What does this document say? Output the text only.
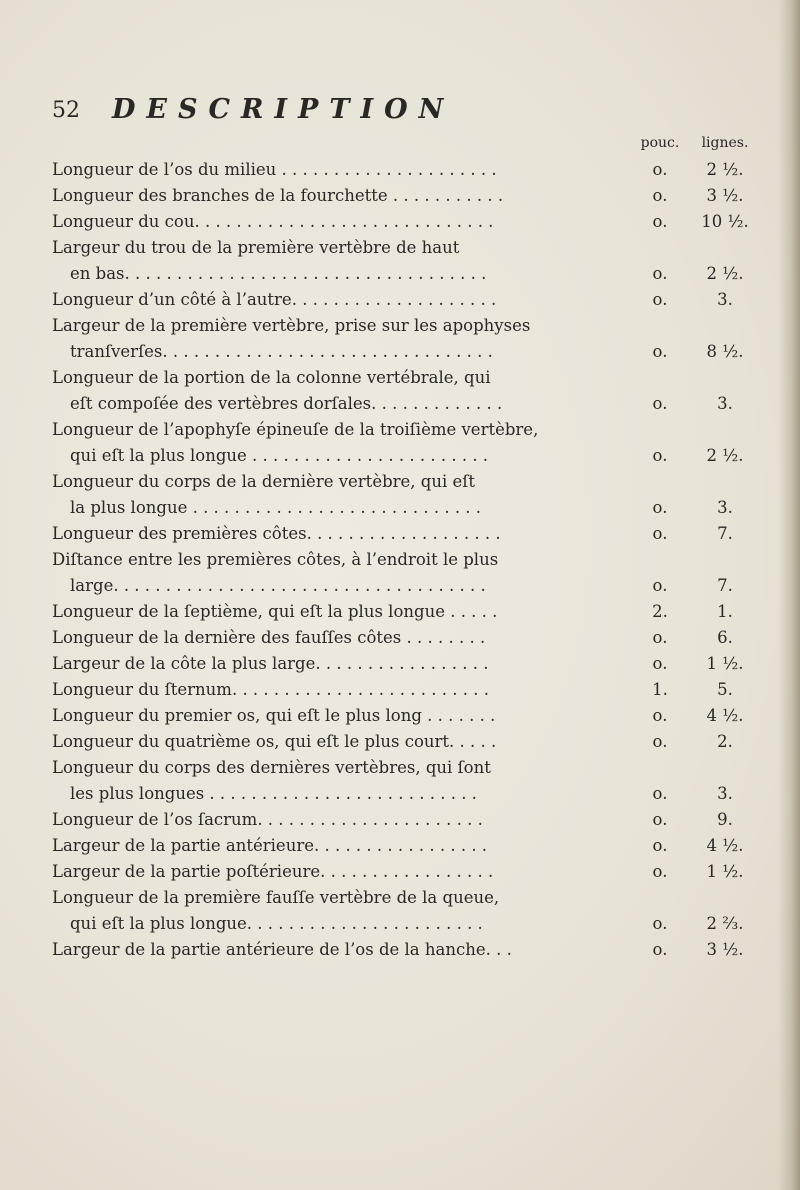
52 DESCRIPTION
pouc.	lignes.
Longueur de l’os du milieu . . . . . . . . . . . . . . . . . . . . .	o.	2 ½.
Longueur des branches de la fourchette . . . . . . . . . . .	o.	3 ½.
Longueur du cou. . . . . . . . . . . . . . . . . . . . . . . . . . . . .	o.	10 ½.
Largeur du trou de la première vertèbre de haut
en bas. . . . . . . . . . . . . . . . . . . . . . . . . . . . . . . . . . .	o.	2 ½.
Longueur d’un côté à l’autre. . . . . . . . . . . . . . . . . . . .	o.	3.
Largeur de la première vertèbre, prise sur les apophyses
tranſverſes. . . . . . . . . . . . . . . . . . . . . . . . . . . . . . . .	o.	8 ½.
Longueur de la portion de la colonne vertébrale, qui
eſt compoſée des vertèbres dorſales. . . . . . . . . . . . .	o.	3.
Longueur de l’apophyſe épineuſe de la troiſième vertèbre,
qui eſt la plus longue . . . . . . . . . . . . . . . . . . . . . . .	o.	2 ½.
Longueur du corps de la dernière vertèbre, qui eſt
la plus longue . . . . . . . . . . . . . . . . . . . . . . . . . . . .	o.	3.
Longueur des premières côtes. . . . . . . . . . . . . . . . . . .	o.	7.
Diſtance entre les premières côtes, à l’endroit le plus
large. . . . . . . . . . . . . . . . . . . . . . . . . . . . . . . . . . . .	o.	7.
Longueur de la ſeptième, qui eſt la plus longue . . . . .	2.	1.
Longueur de la dernière des fauſſes côtes . . . . . . . .	o.	6.
Largeur de la côte la plus large. . . . . . . . . . . . . . . . .	o.	1 ½.
Longueur du ſternum. . . . . . . . . . . . . . . . . . . . . . . . .	1.	5.
Longueur du premier os, qui eſt le plus long . . . . . . .	o.	4 ½.
Longueur du quatrième os, qui eſt le plus court. . . . .	o.	2.
Longueur du corps des dernières vertèbres, qui ſont
les plus longues . . . . . . . . . . . . . . . . . . . . . . . . . .	o.	3.
Longueur de l’os ſacrum. . . . . . . . . . . . . . . . . . . . . .	o.	9.
Largeur de la partie antérieure. . . . . . . . . . . . . . . . .	o.	4 ½.
Largeur de la partie poſtérieure. . . . . . . . . . . . . . . . .	o.	1 ½.
Longueur de la première fauſſe vertèbre de la queue,
qui eſt la plus longue. . . . . . . . . . . . . . . . . . . . . . .	o.	2 ⅔.
Largeur de la partie antérieure de l’os de la hanche. . .	o.	3 ½.
